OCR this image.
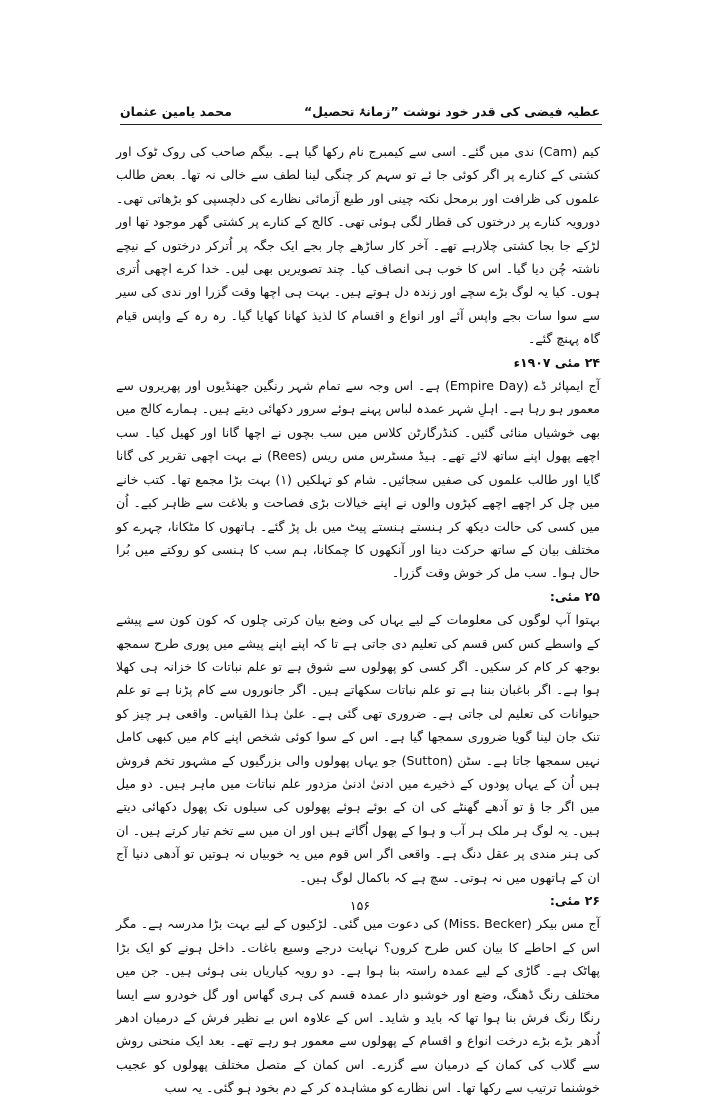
عطیہ فیضی کی قدر خود نوشت ”زمانۂ تحصیل“
محمد یامین عثمان

کیم (Cam) ندی میں گئے۔ اسی سے کیمبرج نام رکھا گیا ہے۔ بیگم صاحب کی روک ٹوک اور کشتی کے کنارے پر اگر کوئی جا ئے تو سہم کر چنگی لینا لطف سے خالی نہ تھا۔ بعض طالب علموں کی ظرافت اور برمحل نکتہ چینی اور طبع آزمائی نظارے کی دلچسپی کو بڑھاتی تھی۔ دورویہ کنارے پر درختوں کی قطار لگی ہوئی تھی۔ کالج کے کنارے پر کشتی گھر موجود تھا اور لڑکے جا بجا کشتی چلارہے تھے۔ آخر کار ساڑھے چار بجے ایک جگہ پر اُترکر درختوں کے نیچے ناشتہ چُن دیا گیا۔ اس کا خوب ہی انصاف کیا۔ چند تصویریں بھی لیں۔ خدا کرے اچھی اُتری ہوں۔ کیا یہ لوگ بڑے سچے اور زندہ دل ہوتے ہیں۔ بہت ہی اچھا وقت گزرا اور ندی کی سیر سے سوا سات بجے واپس آئے اور انواع و اقسام کا لذیذ کھانا کھایا گیا۔ رہ رہ کے واپس قیام گاہ پہنچ گئے۔

۲۴ مئی ۱۹۰۷ء

آج ایمپائر ڈے (Empire Day) ہے۔ اس وجہ سے تمام شہر رنگین جھنڈیوں اور پھریروں سے معمور ہو رہا ہے۔ اہلِ شہر عمدہ لباس پہنے ہوئے سرور دکھائی دیتے ہیں۔ ہمارے کالج میں بھی خوشیاں منائی گئیں۔ کنڈرگارٹن کلاس میں سب بچوں نے اچھا گانا اور کھیل کیا۔ سب اچھے پھول اپنے ساتھ لائے تھے۔ ہیڈ مسٹرس مس ریس (Rees) نے بہت اچھی تقریر کی گانا گایا اور طالب علموں کی صفیں سجائیں۔ شام کو تہلکیں (۱) بہت بڑا مجمع تھا۔ کتب خانے میں چل کر اچھے اچھے کپڑوں والوں نے اپنے خیالات بڑی فصاحت و بلاغت سے ظاہر کیے۔ اُن میں کسی کی حالت دیکھ کر ہنستے ہنستے پیٹ میں بل پڑ گئے۔ ہاتھوں کا مٹکانا، چہرے کو مختلف بیان کے ساتھ حرکت دینا اور آنکھوں کا چمکانا، ہم سب کا ہنسی کو روکتے میں بُرا حال ہوا۔ سب مل کر خوش وقت گزرا۔

۲۵ مئی:

بہتوا آپ لوگوں کی معلومات کے لیے یہاں کی وضع بیان کرتی چلوں کہ کون کون سے پیشے کے واسطے کس کس قسم کی تعلیم دی جاتی ہے تا کہ اپنے اپنے پیشے میں پوری طرح سمجھ بوجھ کر کام کر سکیں۔ اگر کسی کو پھولوں سے شوق ہے تو علم نباتات کا خزانہ ہی کھلا ہوا ہے۔ اگر باغبان بننا ہے تو علم نباتات سکھاتے ہیں۔ اگر جانوروں سے کام پڑنا ہے تو علم حیوانات کی تعلیم لی جاتی ہے۔ ضروری تھی گئی ہے۔ علیٰ ہذا القیاس۔ واقعی ہر چیز کو تنک جان لینا گویا ضروری سمجھا گیا ہے۔ اس کے سوا کوئی شخص اپنے کام میں کبھی کامل نہیں سمجھا جاتا ہے۔ سٹن (Sutton) جو یہاں پھولوں والی بزرگیوں کے مشہور تخم فروش ہیں اُن کے یہاں پودوں کے ذخیرے میں ادنیٰ ادنیٰ مزدور علم نباتات میں ماہر ہیں۔ دو میل میں اگر جا ؤ تو آدھے گھنٹے کی ان کے بوئے ہوئے پھولوں کی سیلوں تک پھول دکھائی دیتے ہیں۔ یہ لوگ ہر ملک ہر آب و ہوا کے پھول اُگاتے ہیں اور ان میں سے تخم تیار کرتے ہیں۔ ان کی ہنر مندی پر عقل دنگ ہے۔ واقعی اگر اس قوم میں یہ خوبیاں نہ ہوتیں تو آدھی دنیا آج ان کے ہاتھوں میں نہ ہوتی۔ سچ ہے کہ باکمال لوگ ہیں۔

۲۶ مئی:

آج مس بیکر (Miss. Becker) کی دعوت میں گئی۔ لڑکیوں کے لیے بہت بڑا مدرسہ ہے۔ مگر اس کے احاطے کا بیان کس طرح کروں؟ نہایت درجے وسیع باغات۔ داخل ہونے کو ایک بڑا پھاٹک ہے۔ گاڑی کے لیے عمدہ راستہ بنا ہوا ہے۔ دو رویہ کیاریاں بنی ہوئی ہیں۔ جن میں مختلف رنگ ڈھنگ، وضع اور خوشبو دار عمدہ قسم کی ہری گھاس اور گل خودرو سے ایسا رنگا رنگ فرش بنا ہوا تھا کہ باید و شاید۔ اس کے علاوہ اس بے نظیر فرش کے درمیان ادھر اُدھر بڑے بڑے درخت انواع و اقسام کے پھولوں سے معمور ہو رہے تھے۔ بعد ایک منحنی روش سے گلاب کی کمان کے درمیان سے گزرے۔ اس کمان کے متصل مختلف پھولوں کو عجیب خوشنما ترتیب سے رکھا تھا۔ اس نظارے کو مشاہدہ کر کے دم بخود ہو گئی۔ یہ سب

۱۵۶
